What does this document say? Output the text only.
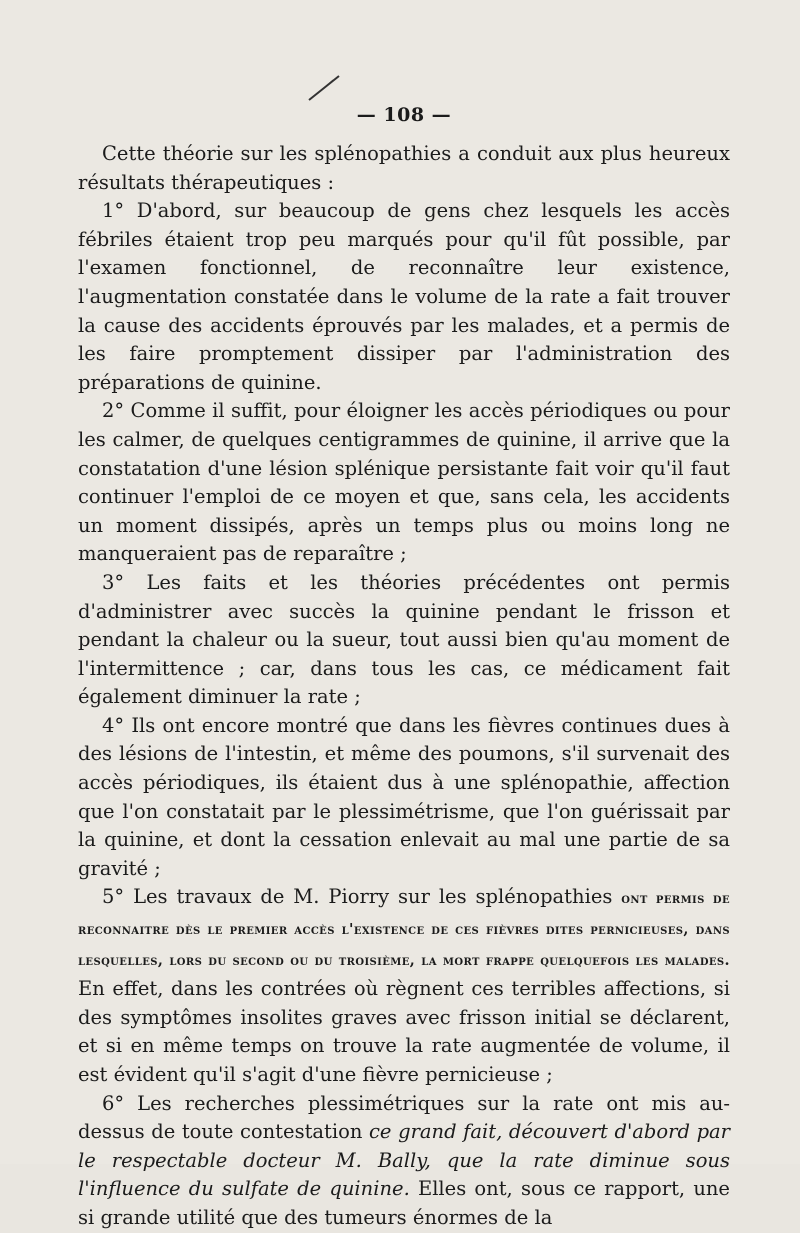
— 108 —

Cette théorie sur les splénopathies a conduit aux plus heureux résultats thérapeutiques :

1° D'abord, sur beaucoup de gens chez lesquels les accès fébriles étaient trop peu marqués pour qu'il fût possible, par l'examen fonctionnel, de reconnaître leur existence, l'augmentation constatée dans le volume de la rate a fait trouver la cause des accidents éprouvés par les malades, et a permis de les faire promptement dissiper par l'administration des préparations de quinine.

2° Comme il suffit, pour éloigner les accès périodiques ou pour les calmer, de quelques centigrammes de quinine, il arrive que la constatation d'une lésion splénique persistante fait voir qu'il faut continuer l'emploi de ce moyen et que, sans cela, les accidents un moment dissipés, après un temps plus ou moins long ne manqueraient pas de reparaître ;

3° Les faits et les théories précédentes ont permis d'administrer avec succès la quinine pendant le frisson et pendant la chaleur ou la sueur, tout aussi bien qu'au moment de l'intermittence ; car, dans tous les cas, ce médicament fait également diminuer la rate ;

4° Ils ont encore montré que dans les fièvres continues dues à des lésions de l'intestin, et même des poumons, s'il survenait des accès périodiques, ils étaient dus à une splénopathie, affection que l'on constatait par le plessimétrisme, que l'on guérissait par la quinine, et dont la cessation enlevait au mal une partie de sa gravité ;

5° Les travaux de M. Piorry sur les splénopathies ont permis de reconnaitre dès le premier accès l'existence de ces fièvres dites pernicieuses, dans lesquelles, lors du second ou du troisième, la mort frappe quelquefois les malades. En effet, dans les contrées où règnent ces terribles affections, si des symptômes insolites graves avec frisson initial se déclarent, et si en même temps on trouve la rate augmentée de volume, il est évident qu'il s'agit d'une fièvre pernicieuse ;

6° Les recherches plessimétriques sur la rate ont mis au-dessus de toute contestation ce grand fait, découvert d'abord par le respectable docteur M. Bally, que la rate diminue sous l'influence du sulfate de quinine. Elles ont, sous ce rapport, une si grande utilité que des tumeurs énormes de la
